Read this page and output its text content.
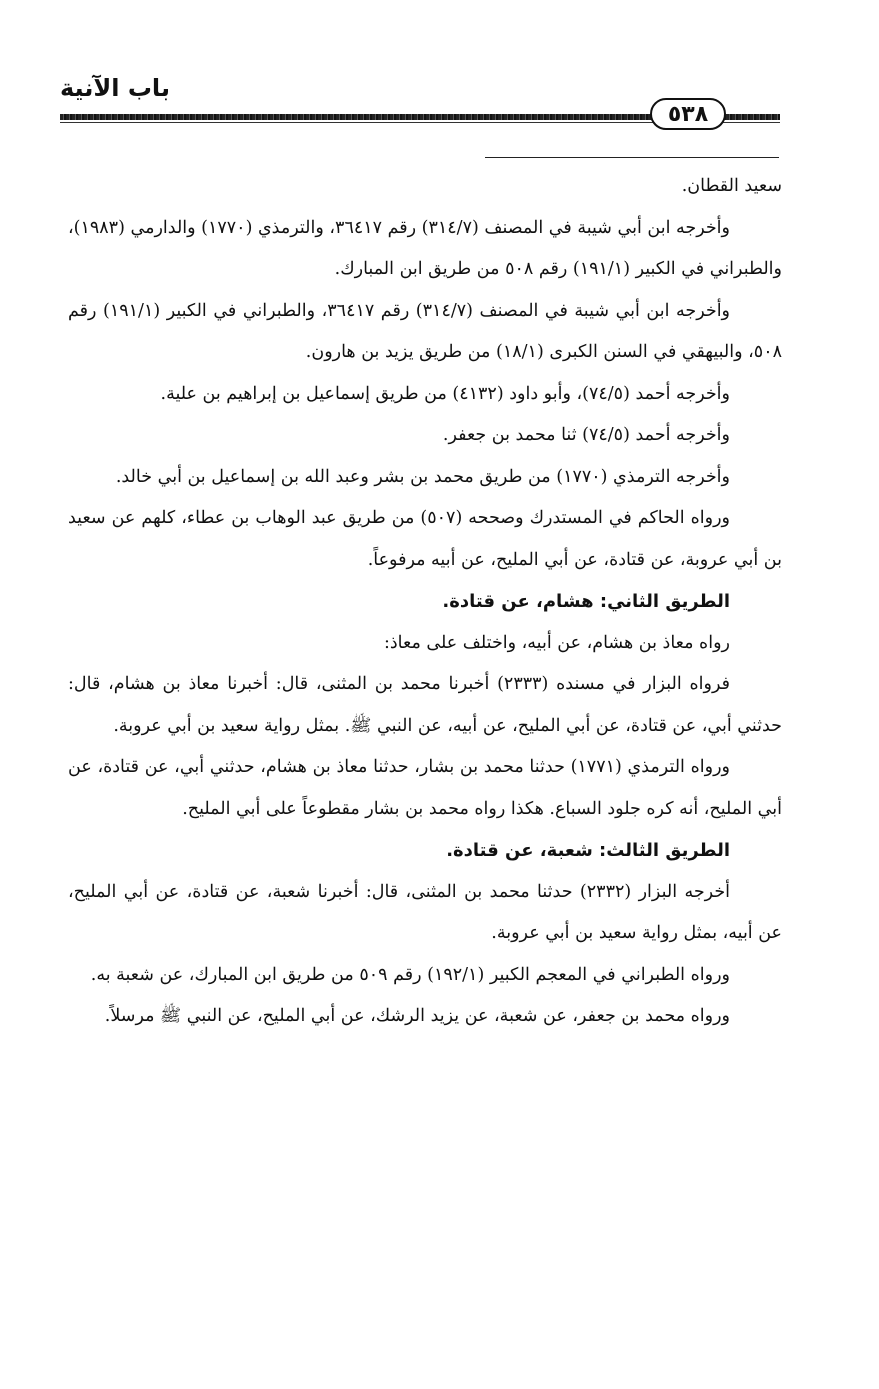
باب الآنية
٥٣٨

سعيد القطان.

وأخرجه ابن أبي شيبة في المصنف (٣١٤/٧) رقم ٣٦٤١٧، والترمذي (١٧٧٠) والدارمي (١٩٨٣)، والطبراني في الكبير (١٩١/١) رقم ٥٠٨ من طريق ابن المبارك.

وأخرجه ابن أبي شيبة في المصنف (٣١٤/٧) رقم ٣٦٤١٧، والطبراني في الكبير (١٩١/١) رقم ٥٠٨، والبيهقي في السنن الكبرى (١٨/١) من طريق يزيد بن هارون.

وأخرجه أحمد (٧٤/٥)، وأبو داود (٤١٣٢) من طريق إسماعيل بن إبراهيم بن علية.

وأخرجه أحمد (٧٤/٥) ثنا محمد بن جعفر.

وأخرجه الترمذي (١٧٧٠) من طريق محمد بن بشر وعبد الله بن إسماعيل بن أبي خالد.

ورواه الحاكم في المستدرك وصححه (٥٠٧) من طريق عبد الوهاب بن عطاء، كلهم عن سعيد بن أبي عروبة، عن قتادة، عن أبي المليح، عن أبيه مرفوعاً.

الطريق الثاني: هشام، عن قتادة.

رواه معاذ بن هشام، عن أبيه، واختلف على معاذ:

فرواه البزار في مسنده (٢٣٣٣) أخبرنا محمد بن المثنى، قال: أخبرنا معاذ بن هشام، قال: حدثني أبي، عن قتادة، عن أبي المليح، عن أبيه، عن النبي ﷺ. بمثل رواية سعيد بن أبي عروبة.

ورواه الترمذي (١٧٧١) حدثنا محمد بن بشار، حدثنا معاذ بن هشام، حدثني أبي، عن قتادة، عن أبي المليح، أنه كره جلود السباع. هكذا رواه محمد بن بشار مقطوعاً على أبي المليح.

الطريق الثالث: شعبة، عن قتادة.

أخرجه البزار (٢٣٣٢) حدثنا محمد بن المثنى، قال: أخبرنا شعبة، عن قتادة، عن أبي المليح، عن أبيه، بمثل رواية سعيد بن أبي عروبة.

ورواه الطبراني في المعجم الكبير (١٩٢/١) رقم ٥٠٩ من طريق ابن المبارك، عن شعبة به.

ورواه محمد بن جعفر، عن شعبة، عن يزيد الرشك، عن أبي المليح، عن النبي ﷺ مرسلاً.
